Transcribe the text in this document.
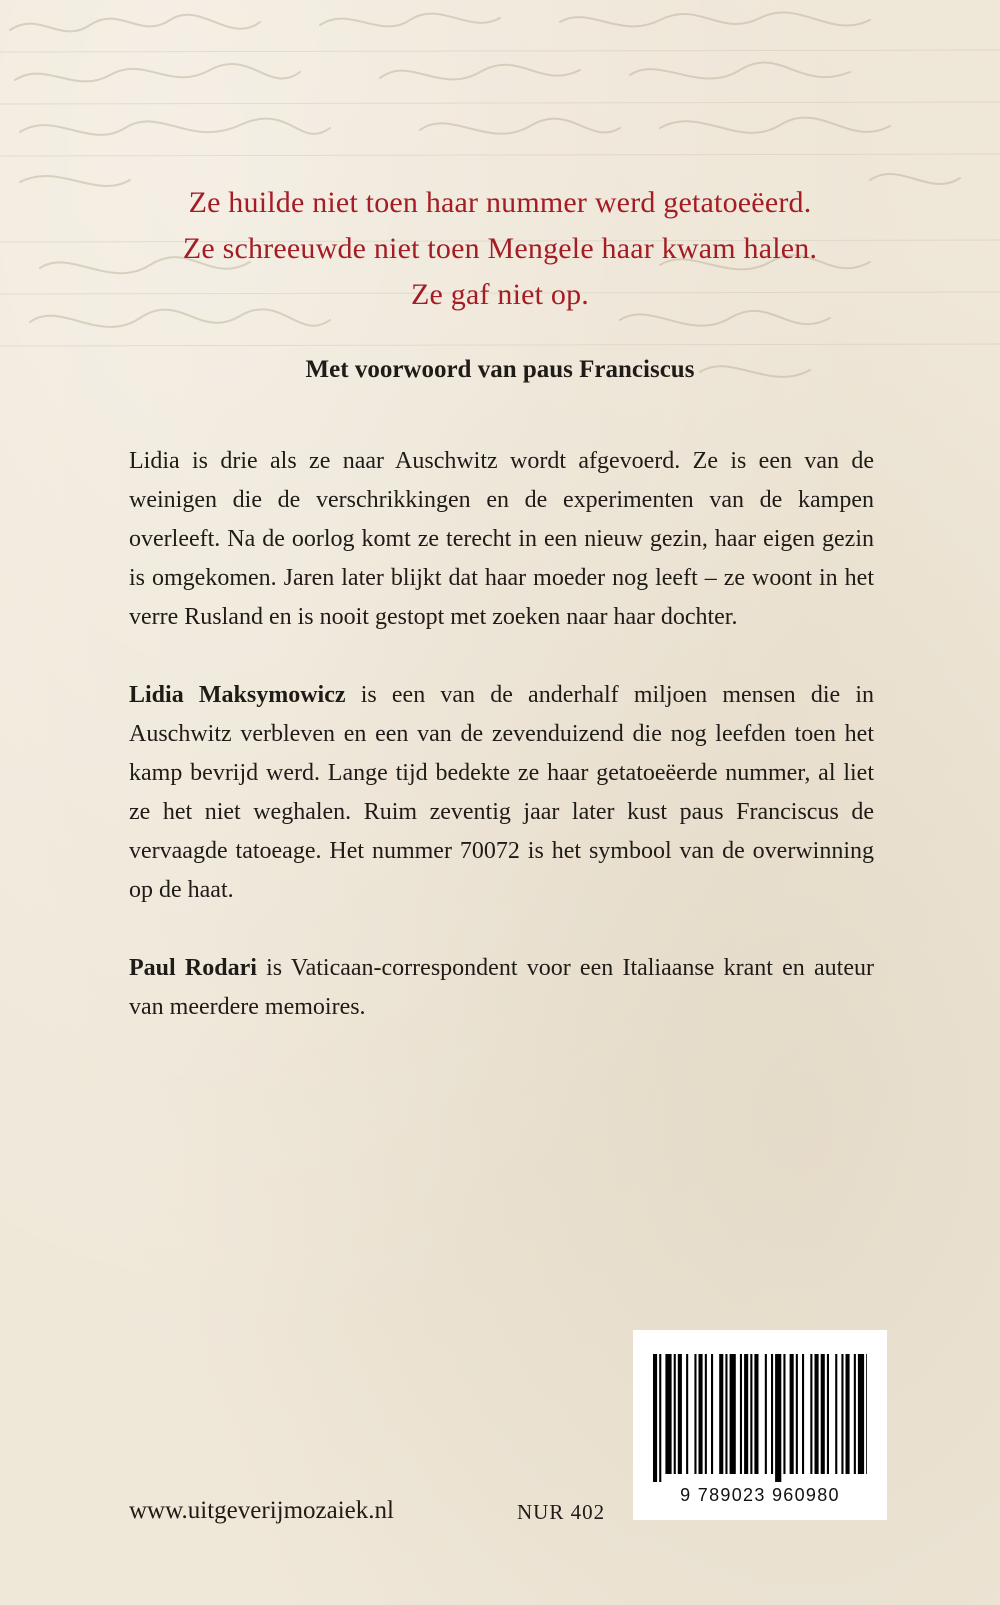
Ze huilde niet toen haar nummer werd getatoeëerd.
Ze schreeuwde niet toen Mengele haar kwam halen.
Ze gaf niet op.
Met voorwoord van paus Franciscus

Lidia is drie als ze naar Auschwitz wordt afgevoerd. Ze is een van de weinigen die de verschrikkingen en de experimenten van de kampen overleeft. Na de oorlog komt ze terecht in een nieuw gezin, haar eigen gezin is omgekomen. Jaren later blijkt dat haar moeder nog leeft – ze woont in het verre Rusland en is nooit gestopt met zoeken naar haar dochter.

Lidia Maksymowicz is een van de anderhalf miljoen mensen die in Auschwitz verbleven en een van de zevenduizend die nog leefden toen het kamp bevrijd werd. Lange tijd bedekte ze haar getatoeëerde nummer, al liet ze het niet weghalen. Ruim zeventig jaar later kust paus Franciscus de vervaagde tatoeage. Het nummer 70072 is het symbool van de overwinning op de haat.

Paul Rodari is Vaticaan-correspondent voor een Italiaanse krant en auteur van meerdere memoires.

9 789023 960980
www.uitgeverijmozaiek.nl	NUR 402
